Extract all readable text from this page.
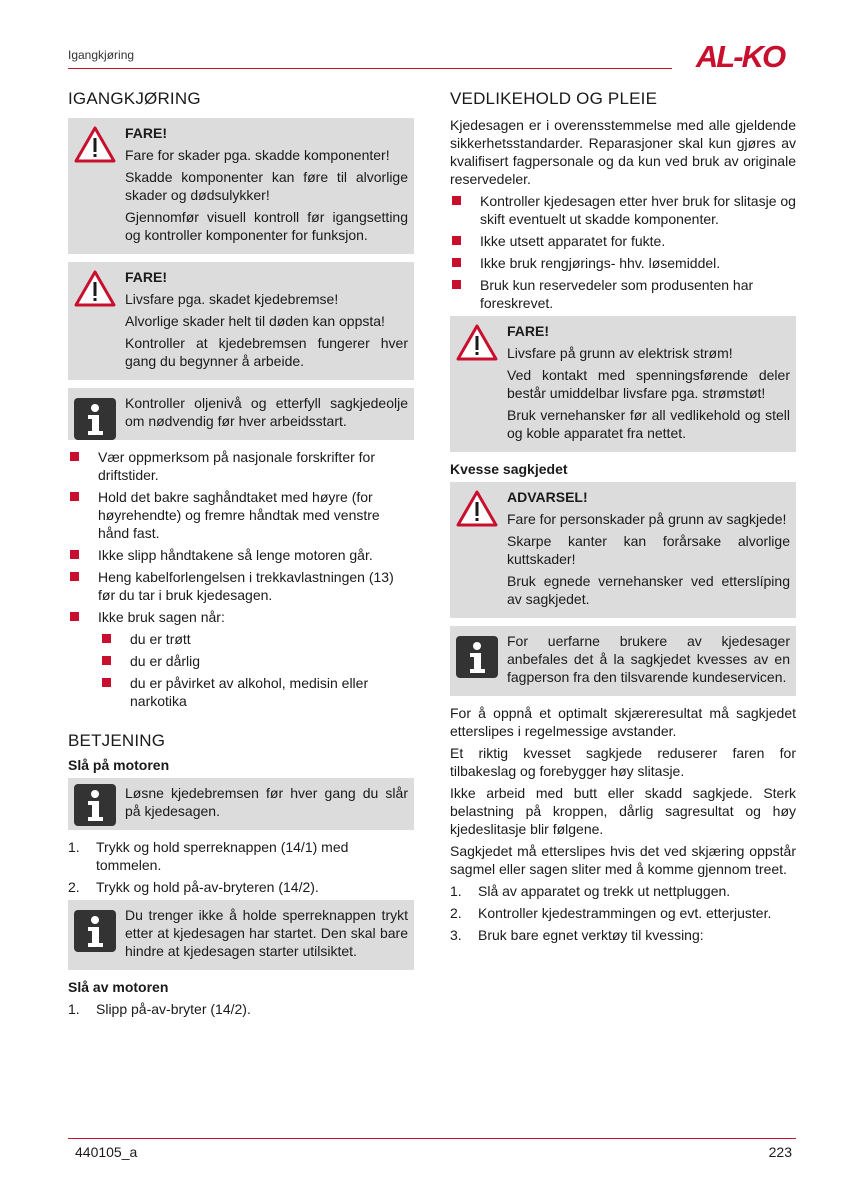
Igangkjøring	AL-KO
IGANGKJØRING
FARE!

Fare for skader pga. skadde komponenter!

Skadde komponenter kan føre til alvorlige skader og dødsulykker!

Gjennomfør visuell kontroll før igangsetting og kontroller komponenter for funksjon.

FARE!

Livsfare pga. skadet kjedebremse!

Alvorlige skader helt til døden kan oppsta!

Kontroller at kjedebremsen fungerer hver gang du begynner å arbeide.

Kontroller oljenivå og etterfyll sagkjedeolje om nødvendig før hver arbeidsstart.

Vær oppmerksom på nasjonale forskrifter for driftstider.
Hold det bakre saghåndtaket med høyre (for høyrehendte) og fremre håndtak med venstre hånd fast.
Ikke slipp håndtakene så lenge motoren går.
Heng kabelforlengelsen i trekkavlastningen (13) før du tar i bruk kjedesagen.
Ikke bruk sagen når:
du er trøtt
du er dårlig
du er påvirket av alkohol, medisin eller narkotika
BETJENING
Slå på motoren

Løsne kjedebremsen før hver gang du slår på kjedesagen.

1. Trykk og hold sperreknappen (14/1) med tommelen.
2. Trykk og hold på-av-bryteren (14/2).

Du trenger ikke å holde sperreknappen trykt etter at kjedesagen har startet. Den skal bare hindre at kjedesagen starter utilsiktet.

Slå av motoren
1. Slipp på-av-bryter (14/2).
VEDLIKEHOLD OG PLEIE

Kjedesagen er i overensstemmelse med alle gjeldende sikkerhetsstandarder. Reparasjoner skal kun gjøres av kvalifisert fagpersonale og da kun ved bruk av originale reservedeler.

Kontroller kjedesagen etter hver bruk for slitasje og skift eventuelt ut skadde komponenter.
Ikke utsett apparatet for fukte.
Ikke bruk rengjørings- hhv. løsemiddel.
Bruk kun reservedeler som produsenten har foreskrevet.
FARE!

Livsfare på grunn av elektrisk strøm!

Ved kontakt med spenningsførende deler består umiddelbar livsfare pga. strømstøt!

Bruk vernehansker før all vedlikehold og stell og koble apparatet fra nettet.

Kvesse sagkjedet
ADVARSEL!

Fare for personskader på grunn av sagkjede!

Skarpe kanter kan forårsake alvorlige kuttskader!

Bruk egnede vernehansker ved etterslíping av sagkjedet.

For uerfarne brukere av kjedesager anbefales det å la sagkjedet kvesses av en fagperson fra den tilsvarende kundeservicen.

For å oppnå et optimalt skjæreresultat må sagkjedet etterslipes i regelmessige avstander.

Et riktig kvesset sagkjede reduserer faren for tilbakeslag og forebygger høy slitasje.

Ikke arbeid med butt eller skadd sagkjede. Sterk belastning på kroppen, dårlig sagresultat og høy kjedeslitasje blir følgene.

Sagkjedet må etterslipes hvis det ved skjæring oppstår sagmel eller sagen sliter med å komme gjennom treet.

1. Slå av apparatet og trekk ut nettpluggen.
2. Kontroller kjedestrammingen og evt. etterjuster.
3. Bruk bare egnet verktøy til kvessing:
440105_a	223
